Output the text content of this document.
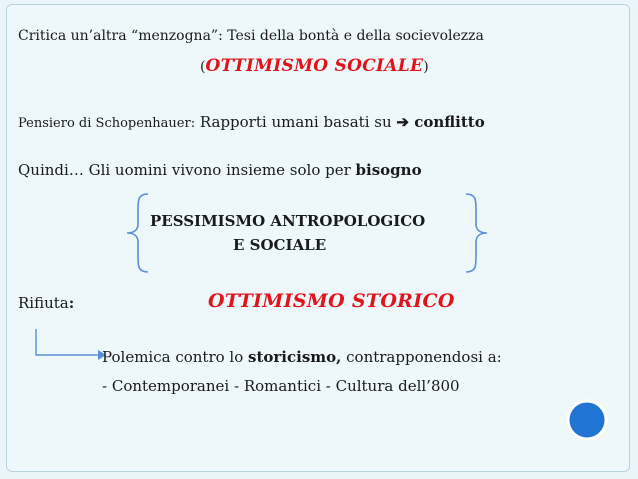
Critica un’altra “menzogna”: Tesi della bontà e della socievolezza
(OTTIMISMO SOCIALE)
Pensiero di Schopenhauer: Rapporti umani basati su ➔ conflitto
Quindi… Gli uomini vivono insieme solo per bisogno
PESSIMISMO ANTROPOLOGICO
E SOCIALE
Rifiuta:	OTTIMISMO STORICO
Polemica contro lo storicismo, contrapponendosi a:
- Contemporanei - Romantici - Cultura dell’800
